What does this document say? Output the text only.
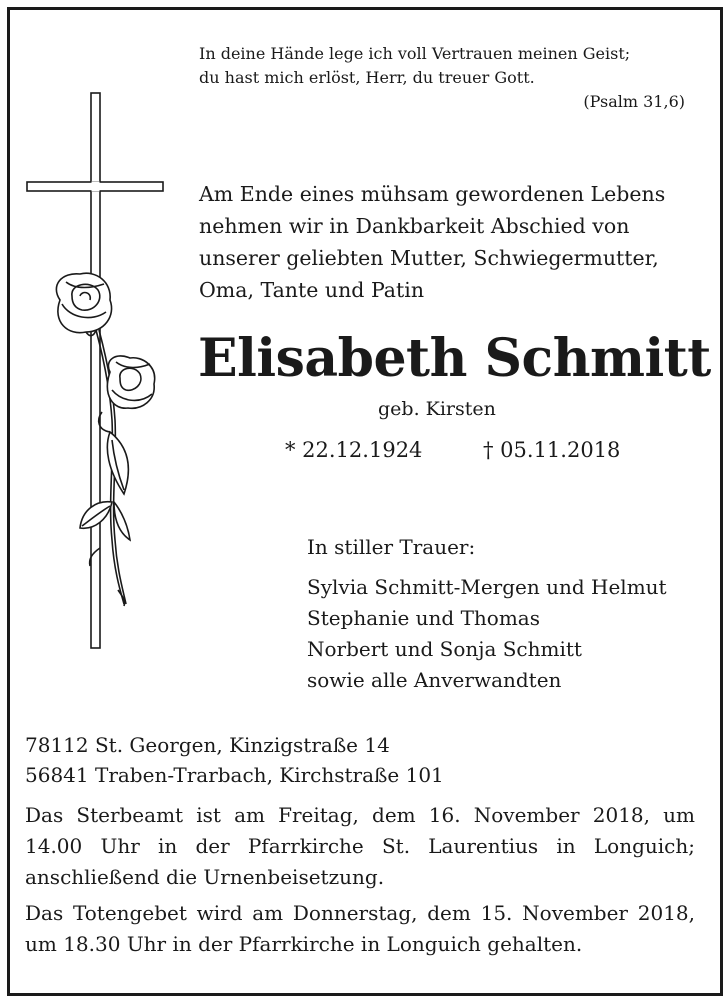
In deine Hände lege ich voll Vertrauen meinen Geist;
du hast mich erlöst, Herr, du treuer Gott.
(Psalm 31,6)
Am Ende eines mühsam gewordenen Lebens
nehmen wir in Dankbarkeit Abschied von
unserer geliebten Mutter, Schwiegermutter,
Oma, Tante und Patin
Elisabeth Schmitt
geb. Kirsten
* 22.12.1924	† 05.11.2018
In stiller Trauer:
Sylvia Schmitt-Mergen und Helmut
Stephanie und Thomas
Norbert und Sonja Schmitt
sowie alle Anverwandten
78112 St. Georgen, Kinzigstraße 14
56841 Traben-Trarbach, Kirchstraße 101
Das Sterbeamt ist am Freitag, dem 16. November 2018, um 14.00 Uhr in der Pfarrkirche St. Laurentius in Longuich; anschließend die Urnenbeisetzung.
Das Totengebet wird am Donnerstag, dem 15. November 2018, um 18.30 Uhr in der Pfarrkirche in Longuich gehalten.
